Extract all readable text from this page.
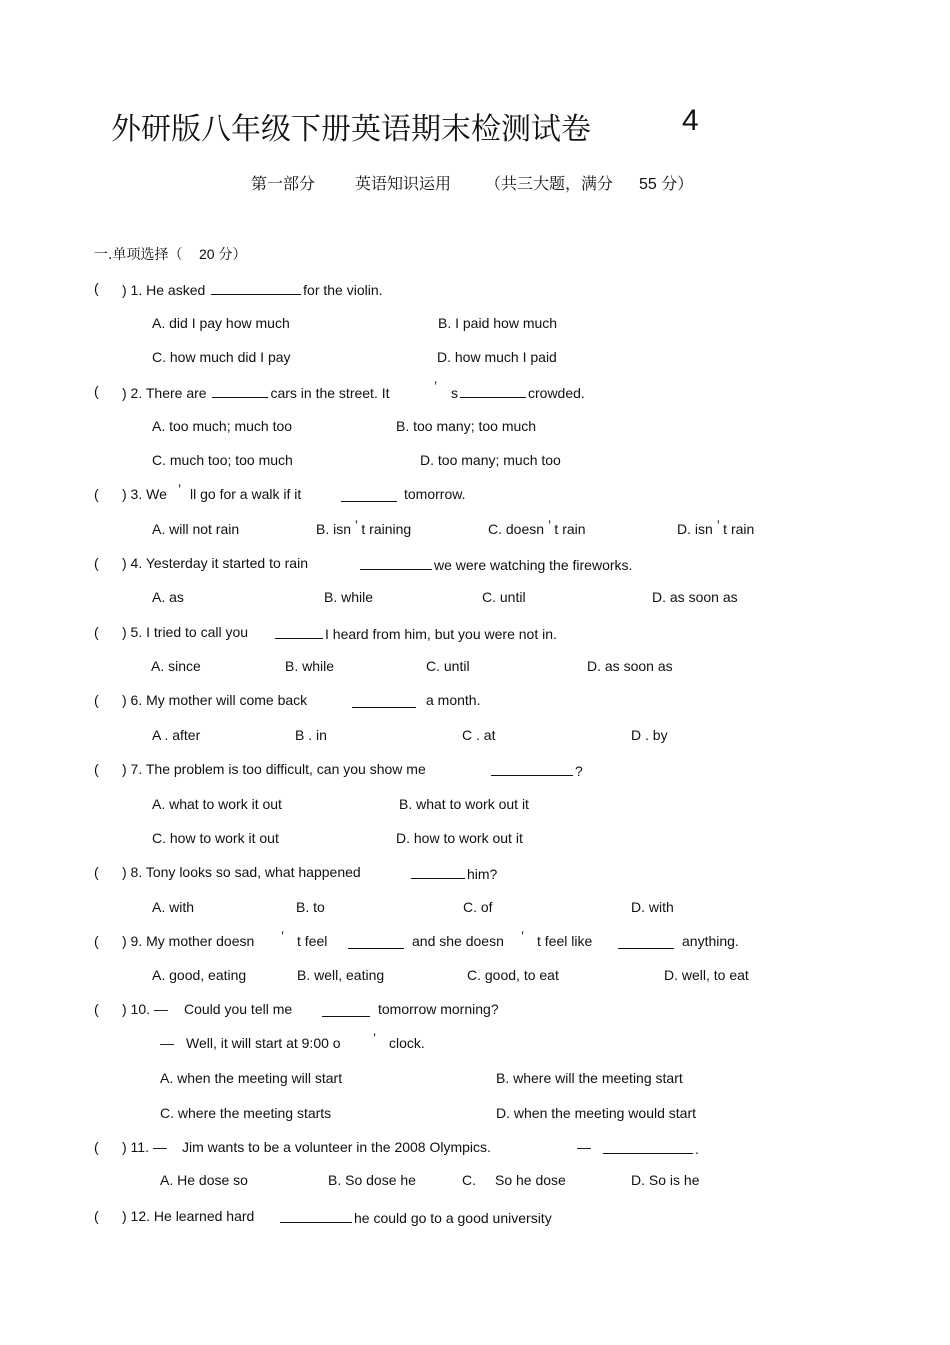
外研版八年级下册英语期末检测试卷	4
第一部分 英语知识运用 （共三大题，满分 55 分）
一.单项选择（ 20 分）
( ) 1. He asked	for the violin.
A. did I pay how much	B. I paid how much
C. how much did I pay	D. how much I paid
( ) 2. There are	cars in the street. It	’ s	crowded.
A. too much; much too	B. too many; too much
C. much too; too much	D. too many; much too
( ) 3. We ’ ll go for a walk if it	tomorrow.
A. will not rain	B. isn ’ t raining	C. doesn ’ t rain	D. isn ’ t rain
( ) 4. Yesterday it started to rain	we were watching the fireworks.
A. as	B. while	C. until	D. as soon as
( ) 5. I tried to call you	I heard from him, but you were not in.
A. since	B. while	C. until	D. as soon as
( ) 6. My mother will come back	a month.
A . after	B . in	C . at	D . by
( ) 7. The problem is too difficult, can you show me	?
A. what to work it out	B. what to work out it
C. how to work it out	D. how to work out it
( ) 8. Tony looks so sad, what happened	him?
A. with	B. to	C. of	D. with
( ) 9. My mother doesn ’ t feel	and she doesn ’ t feel like	anything.
A. good, eating	B. well, eating	C. good, to eat	D. well, to eat
( ) 10. — Could you tell me	tomorrow morning?
— Well, it will start at 9:00 o ’ clock.
A. when the meeting will start	B. where will the meeting start
C. where the meeting starts	D. when the meeting would start
( ) 11. — Jim wants to be a volunteer in the 2008 Olympics.	—	.
A. He dose so	B. So dose he	C. So he dose	D. So is he
( ) 12. He learned hard	he could go to a good university
